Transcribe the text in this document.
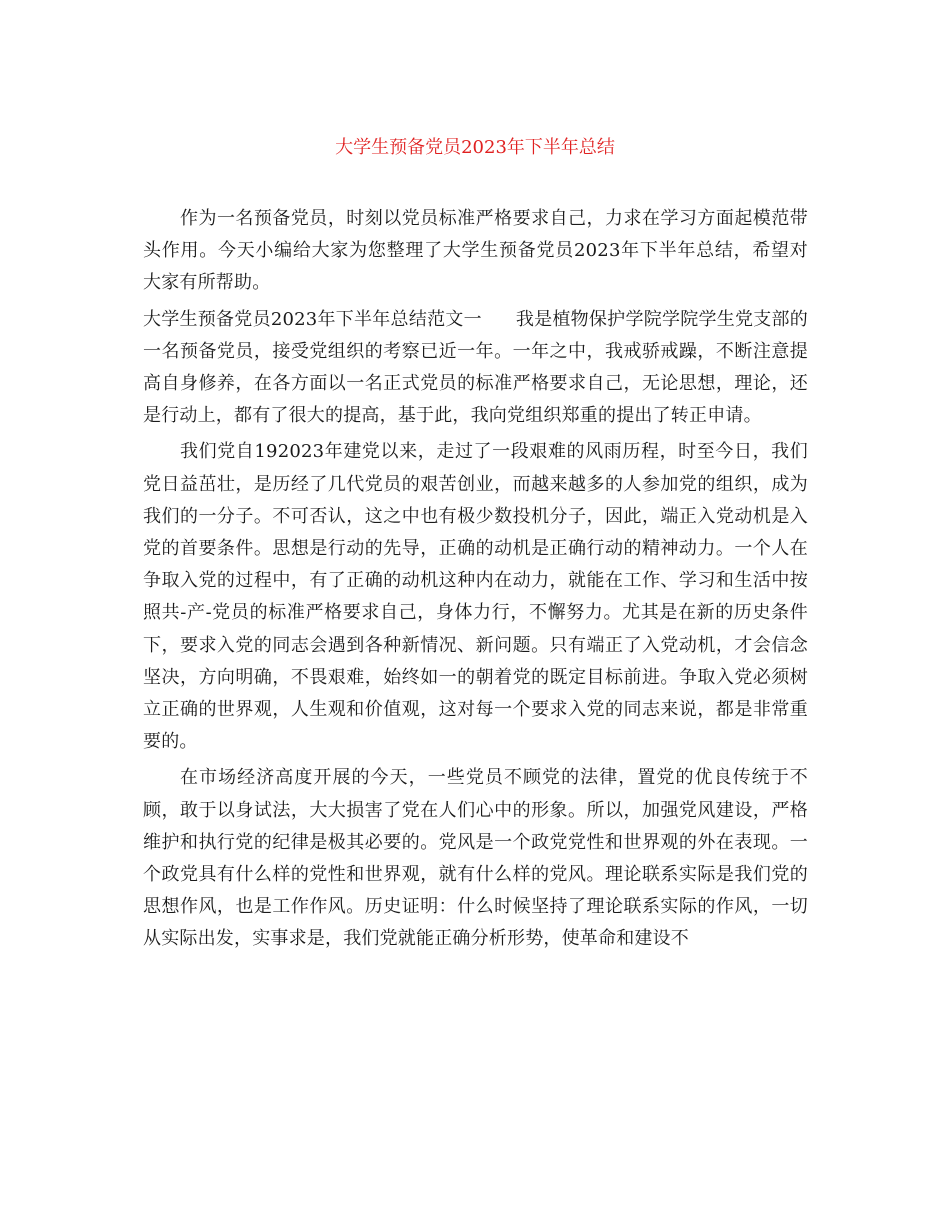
大学生预备党员2023年下半年总结

作为一名预备党员，时刻以党员标准严格要求自己，力求在学习方面起模范带头作用。今天小编给大家为您整理了大学生预备党员2023年下半年总结，希望对大家有所帮助。

大学生预备党员2023年下半年总结范文一 我是植物保护学院学院学生党支部的一名预备党员，接受党组织的考察已近一年。一年之中，我戒骄戒躁，不断注意提高自身修养，在各方面以一名正式党员的标准严格要求自己，无论思想，理论，还是行动上，都有了很大的提高，基于此，我向党组织郑重的提出了转正申请。

我们党自192023年建党以来，走过了一段艰难的风雨历程，时至今日，我们党日益茁壮，是历经了几代党员的艰苦创业，而越来越多的人参加党的组织，成为我们的一分子。不可否认，这之中也有极少数投机分子，因此，端正入党动机是入党的首要条件。思想是行动的先导，正确的动机是正确行动的精神动力。一个人在争取入党的过程中，有了正确的动机这种内在动力，就能在工作、学习和生活中按照共-产-党员的标准严格要求自己，身体力行，不懈努力。尤其是在新的历史条件下，要求入党的同志会遇到各种新情况、新问题。只有端正了入党动机，才会信念坚决，方向明确，不畏艰难，始终如一的朝着党的既定目标前进。争取入党必须树立正确的世界观，人生观和价值观，这对每一个要求入党的同志来说，都是非常重要的。

在市场经济高度开展的今天，一些党员不顾党的法律，置党的优良传统于不顾，敢于以身试法，大大损害了党在人们心中的形象。所以，加强党风建设，严格维护和执行党的纪律是极其必要的。党风是一个政党党性和世界观的外在表现。一个政党具有什么样的党性和世界观，就有什么样的党风。理论联系实际是我们党的思想作风，也是工作作风。历史证明：什么时候坚持了理论联系实际的作风，一切从实际出发，实事求是，我们党就能正确分析形势，使革命和建设不
